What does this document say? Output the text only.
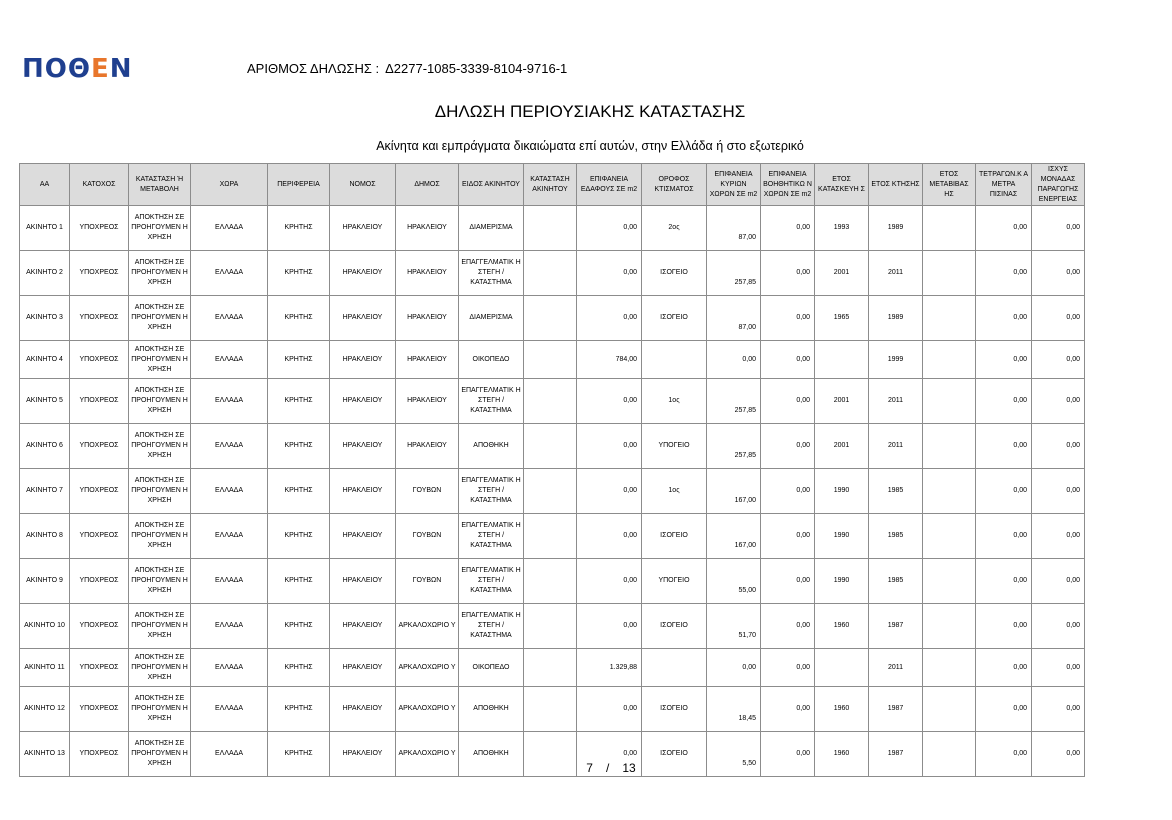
ΠΟΘΕΝ	ΑΡΙΘΜΟΣ ΔΗΛΩΣΗΣ : Δ2277-1085-3339-8104-9716-1
ΔΗΛΩΣΗ ΠΕΡΙΟΥΣΙΑΚΗΣ ΚΑΤΑΣΤΑΣΗΣ
Ακίνητα και εμπράγματα δικαιώματα επί αυτών, στην Ελλάδα ή στο εξωτερικό
ΑΑ	ΚΑΤΟΧΟΣ	ΚΑΤΑΣΤΑΣΗ Ή ΜΕΤΑΒΟΛΗ	ΧΩΡΑ	ΠΕΡΙΦΕΡΕΙΑ	ΝΟΜΟΣ	ΔΗΜΟΣ	ΕΙΔΟΣ ΑΚΙΝΗΤΟΥ	ΚΑΤΑΣΤΑΣΗ ΑΚΙΝΗΤΟΥ	ΕΠΙΦΑΝΕΙΑ ΕΔΑΦΟΥΣ ΣΕ m2	ΟΡΟΦΟΣ ΚΤΙΣΜΑΤΟΣ	ΕΠΙΦΑΝΕΙΑ ΚΥΡΙΩΝ ΧΩΡΩΝ ΣΕ m2	ΕΠΙΦΑΝΕΙΑ ΒΟΗΘΗΤΙΚΩ Ν ΧΩΡΩΝ ΣΕ m2	ΕΤΟΣ ΚΑΤΑΣΚΕΥΗ Σ	ΕΤΟΣ ΚΤΗΣΗΣ	ΕΤΟΣ ΜΕΤΑΒΙΒΑΣ ΗΣ	ΤΕΤΡΑΓΩΝ.Κ Α ΜΕΤΡΑ ΠΙΣΙΝΑΣ	ΙΣΧΥΣ ΜΟΝΑΔΑΣ ΠΑΡΑΓΩΓΗΣ ΕΝΕΡΓΕΙΑΣ
ΑΚΙΝΗΤΟ 1	ΥΠΟΧΡΕΟΣ	ΑΠΟΚΤΗΣΗ ΣΕ ΠΡΟΗΓΟΥΜΕΝ Η ΧΡΗΣΗ	ΕΛΛΑΔΑ	ΚΡΗΤΗΣ	ΗΡΑΚΛΕΙΟΥ	ΗΡΑΚΛΕΙΟΥ	ΔΙΑΜΕΡΙΣΜΑ		0,00	2ος	87,00	0,00	1993	1989		0,00	0,00
ΑΚΙΝΗΤΟ 2	ΥΠΟΧΡΕΟΣ	ΑΠΟΚΤΗΣΗ ΣΕ ΠΡΟΗΓΟΥΜΕΝ Η ΧΡΗΣΗ	ΕΛΛΑΔΑ	ΚΡΗΤΗΣ	ΗΡΑΚΛΕΙΟΥ	ΗΡΑΚΛΕΙΟΥ	ΕΠΑΓΓΕΛΜΑΤΙΚ Η ΣΤΕΓΗ / ΚΑΤΑΣΤΗΜΑ		0,00	ΙΣΟΓΕΙΟ	257,85	0,00	2001	2011		0,00	0,00
ΑΚΙΝΗΤΟ 3	ΥΠΟΧΡΕΟΣ	ΑΠΟΚΤΗΣΗ ΣΕ ΠΡΟΗΓΟΥΜΕΝ Η ΧΡΗΣΗ	ΕΛΛΑΔΑ	ΚΡΗΤΗΣ	ΗΡΑΚΛΕΙΟΥ	ΗΡΑΚΛΕΙΟΥ	ΔΙΑΜΕΡΙΣΜΑ		0,00	ΙΣΟΓΕΙΟ	87,00	0,00	1965	1989		0,00	0,00
ΑΚΙΝΗΤΟ 4	ΥΠΟΧΡΕΟΣ	ΑΠΟΚΤΗΣΗ ΣΕ ΠΡΟΗΓΟΥΜΕΝ Η ΧΡΗΣΗ	ΕΛΛΑΔΑ	ΚΡΗΤΗΣ	ΗΡΑΚΛΕΙΟΥ	ΗΡΑΚΛΕΙΟΥ	ΟΙΚΟΠΕΔΟ		784,00		0,00	0,00		1999		0,00	0,00
ΑΚΙΝΗΤΟ 5	ΥΠΟΧΡΕΟΣ	ΑΠΟΚΤΗΣΗ ΣΕ ΠΡΟΗΓΟΥΜΕΝ Η ΧΡΗΣΗ	ΕΛΛΑΔΑ	ΚΡΗΤΗΣ	ΗΡΑΚΛΕΙΟΥ	ΗΡΑΚΛΕΙΟΥ	ΕΠΑΓΓΕΛΜΑΤΙΚ Η ΣΤΕΓΗ / ΚΑΤΑΣΤΗΜΑ		0,00	1ος	257,85	0,00	2001	2011		0,00	0,00
ΑΚΙΝΗΤΟ 6	ΥΠΟΧΡΕΟΣ	ΑΠΟΚΤΗΣΗ ΣΕ ΠΡΟΗΓΟΥΜΕΝ Η ΧΡΗΣΗ	ΕΛΛΑΔΑ	ΚΡΗΤΗΣ	ΗΡΑΚΛΕΙΟΥ	ΗΡΑΚΛΕΙΟΥ	ΑΠΟΘΗΚΗ		0,00	ΥΠΟΓΕΙΟ	257,85	0,00	2001	2011		0,00	0,00
ΑΚΙΝΗΤΟ 7	ΥΠΟΧΡΕΟΣ	ΑΠΟΚΤΗΣΗ ΣΕ ΠΡΟΗΓΟΥΜΕΝ Η ΧΡΗΣΗ	ΕΛΛΑΔΑ	ΚΡΗΤΗΣ	ΗΡΑΚΛΕΙΟΥ	ΓΟΥΒΩΝ	ΕΠΑΓΓΕΛΜΑΤΙΚ Η ΣΤΕΓΗ / ΚΑΤΑΣΤΗΜΑ		0,00	1ος	167,00	0,00	1990	1985		0,00	0,00
ΑΚΙΝΗΤΟ 8	ΥΠΟΧΡΕΟΣ	ΑΠΟΚΤΗΣΗ ΣΕ ΠΡΟΗΓΟΥΜΕΝ Η ΧΡΗΣΗ	ΕΛΛΑΔΑ	ΚΡΗΤΗΣ	ΗΡΑΚΛΕΙΟΥ	ΓΟΥΒΩΝ	ΕΠΑΓΓΕΛΜΑΤΙΚ Η ΣΤΕΓΗ / ΚΑΤΑΣΤΗΜΑ		0,00	ΙΣΟΓΕΙΟ	167,00	0,00	1990	1985		0,00	0,00
ΑΚΙΝΗΤΟ 9	ΥΠΟΧΡΕΟΣ	ΑΠΟΚΤΗΣΗ ΣΕ ΠΡΟΗΓΟΥΜΕΝ Η ΧΡΗΣΗ	ΕΛΛΑΔΑ	ΚΡΗΤΗΣ	ΗΡΑΚΛΕΙΟΥ	ΓΟΥΒΩΝ	ΕΠΑΓΓΕΛΜΑΤΙΚ Η ΣΤΕΓΗ / ΚΑΤΑΣΤΗΜΑ		0,00	ΥΠΟΓΕΙΟ	55,00	0,00	1990	1985		0,00	0,00
ΑΚΙΝΗΤΟ 10	ΥΠΟΧΡΕΟΣ	ΑΠΟΚΤΗΣΗ ΣΕ ΠΡΟΗΓΟΥΜΕΝ Η ΧΡΗΣΗ	ΕΛΛΑΔΑ	ΚΡΗΤΗΣ	ΗΡΑΚΛΕΙΟΥ	ΑΡΚΑΛΟΧΩΡΙΟ Υ	ΕΠΑΓΓΕΛΜΑΤΙΚ Η ΣΤΕΓΗ / ΚΑΤΑΣΤΗΜΑ		0,00	ΙΣΟΓΕΙΟ	51,70	0,00	1960	1987		0,00	0,00
ΑΚΙΝΗΤΟ 11	ΥΠΟΧΡΕΟΣ	ΑΠΟΚΤΗΣΗ ΣΕ ΠΡΟΗΓΟΥΜΕΝ Η ΧΡΗΣΗ	ΕΛΛΑΔΑ	ΚΡΗΤΗΣ	ΗΡΑΚΛΕΙΟΥ	ΑΡΚΑΛΟΧΩΡΙΟ Υ	ΟΙΚΟΠΕΔΟ		1.329,88		0,00	0,00		2011		0,00	0,00
ΑΚΙΝΗΤΟ 12	ΥΠΟΧΡΕΟΣ	ΑΠΟΚΤΗΣΗ ΣΕ ΠΡΟΗΓΟΥΜΕΝ Η ΧΡΗΣΗ	ΕΛΛΑΔΑ	ΚΡΗΤΗΣ	ΗΡΑΚΛΕΙΟΥ	ΑΡΚΑΛΟΧΩΡΙΟ Υ	ΑΠΟΘΗΚΗ		0,00	ΙΣΟΓΕΙΟ	18,45	0,00	1960	1987		0,00	0,00
ΑΚΙΝΗΤΟ 13	ΥΠΟΧΡΕΟΣ	ΑΠΟΚΤΗΣΗ ΣΕ ΠΡΟΗΓΟΥΜΕΝ Η ΧΡΗΣΗ	ΕΛΛΑΔΑ	ΚΡΗΤΗΣ	ΗΡΑΚΛΕΙΟΥ	ΑΡΚΑΛΟΧΩΡΙΟ Υ	ΑΠΟΘΗΚΗ		0,00	ΙΣΟΓΕΙΟ	5,50	0,00	1960	1987		0,00	0,00
7 / 13
